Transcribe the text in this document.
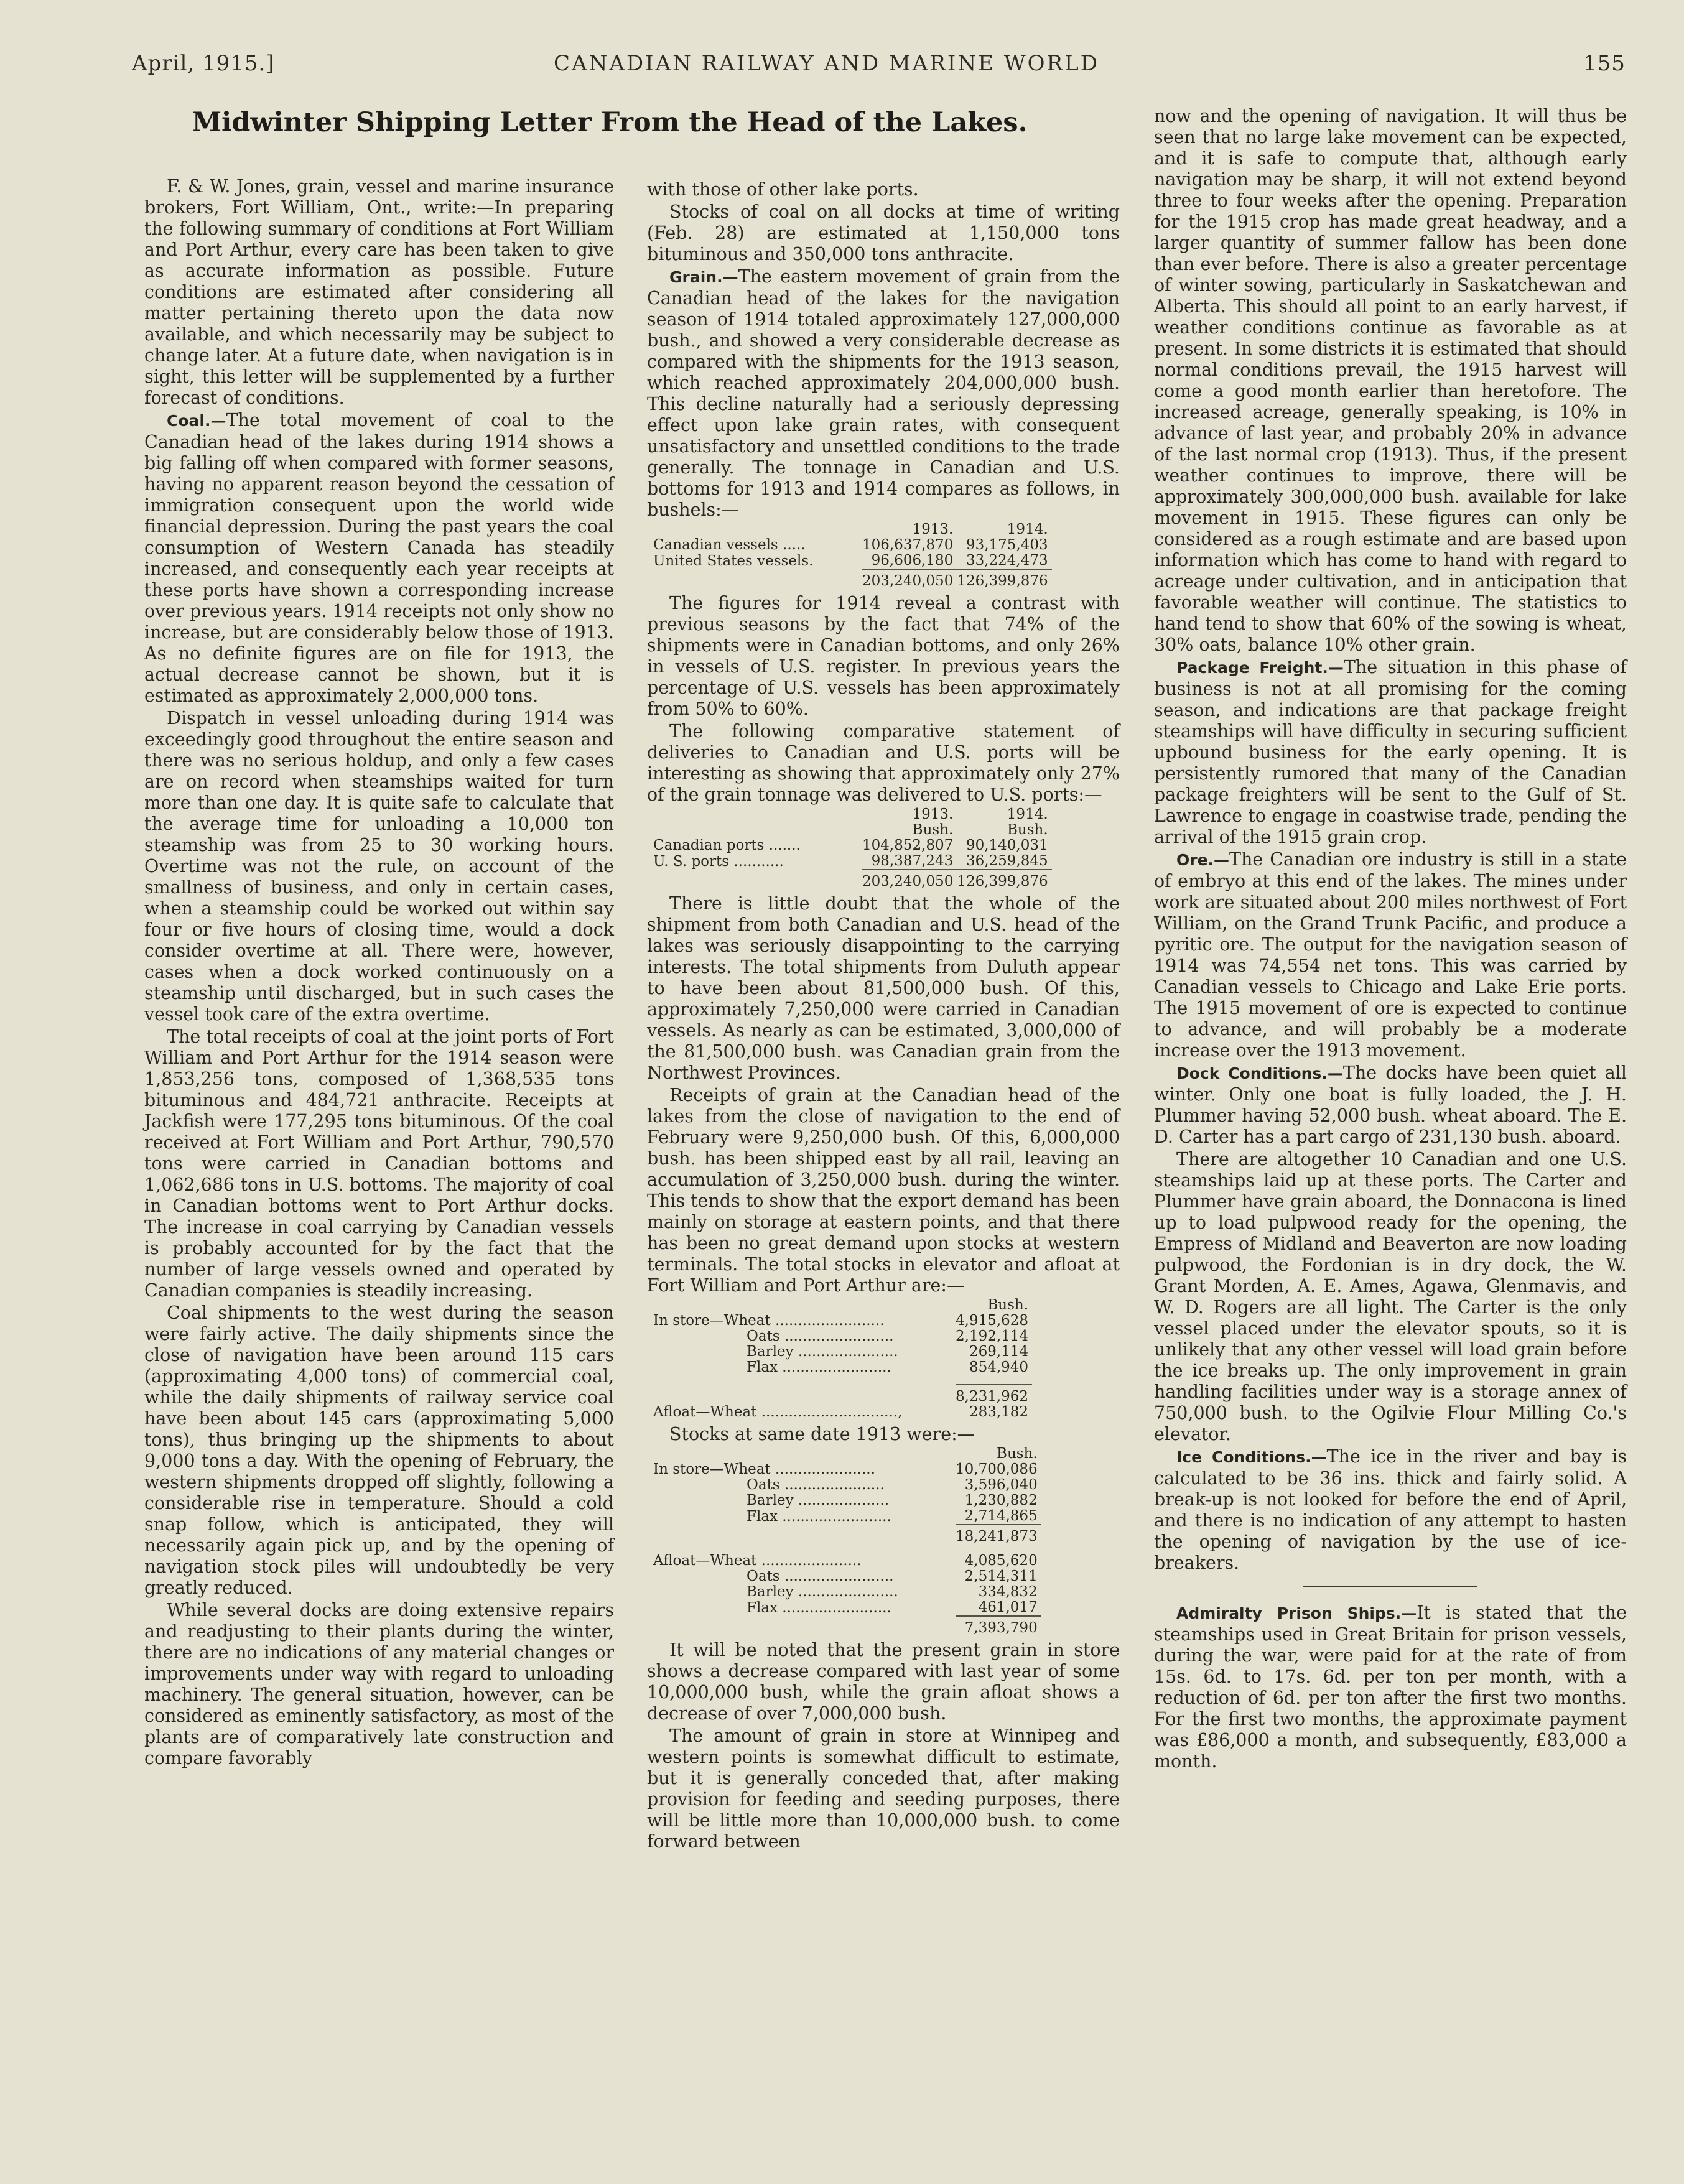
April, 1915.]	CANADIAN RAILWAY AND MARINE WORLD	155
Midwinter Shipping Letter From the Head of the Lakes.

F. & W. Jones, grain, vessel and marine insurance brokers, Fort William, Ont., write:—In preparing the following summary of conditions at Fort William and Port Arthur, every care has been taken to give as accurate information as possible. Future conditions are estimated after considering all matter pertaining thereto upon the data now available, and which necessarily may be subject to change later. At a future date, when navigation is in sight, this letter will be supplemented by a further forecast of conditions.

Coal.—The total movement of coal to the Canadian head of the lakes during 1914 shows a big falling off when compared with former seasons, having no apparent reason beyond the cessation of immigration consequent upon the world wide financial depression. During the past years the coal consumption of Western Canada has steadily increased, and consequently each year receipts at these ports have shown a corresponding increase over previous years. 1914 receipts not only show no increase, but are considerably below those of 1913. As no definite figures are on file for 1913, the actual decrease cannot be shown, but it is estimated as approximately 2,000,000 tons.

Dispatch in vessel unloading during 1914 was exceedingly good throughout the entire season and there was no serious holdup, and only a few cases are on record when steamships waited for turn more than one day. It is quite safe to calculate that the average time for unloading a 10,000 ton steamship was from 25 to 30 working hours. Overtime was not the rule, on account of the smallness of business, and only in certain cases, when a steamship could be worked out within say four or five hours of closing time, would a dock consider overtime at all. There were, however, cases when a dock worked continuously on a steamship until discharged, but in such cases the vessel took care of the extra overtime.

The total receipts of coal at the joint ports of Fort William and Port Arthur for the 1914 season were 1,853,256 tons, composed of 1,368,535 tons bituminous and 484,721 anthracite. Receipts at Jackfish were 177,295 tons bituminous. Of the coal received at Fort William and Port Arthur, 790,570 tons were carried in Canadian bottoms and 1,062,686 tons in U.S. bottoms. The majority of coal in Canadian bottoms went to Port Arthur docks. The increase in coal carrying by Canadian vessels is probably accounted for by the fact that the number of large vessels owned and operated by Canadian companies is steadily increasing.

Coal shipments to the west during the season were fairly active. The daily shipments since the close of navigation have been around 115 cars (approximating 4,000 tons) of commercial coal, while the daily shipments of railway service coal have been about 145 cars (approximating 5,000 tons), thus bringing up the shipments to about 9,000 tons a day. With the opening of February, the western shipments dropped off slightly, following a considerable rise in temperature. Should a cold snap follow, which is anticipated, they will necessarily again pick up, and by the opening of navigation stock piles will undoubtedly be very greatly reduced.

While several docks are doing extensive repairs and readjusting to their plants during the winter, there are no indications of any material changes or improvements under way with regard to unloading machinery. The general situation, however, can be considered as eminently satisfactory, as most of the plants are of comparatively late construction and compare favorably

with those of other lake ports.

Stocks of coal on all docks at time of writing (Feb. 28) are estimated at 1,150,000 tons bituminous and 350,000 tons anthracite.

Grain.—The eastern movement of grain from the Canadian head of the lakes for the navigation season of 1914 totaled approximately 127,000,000 bush., and showed a very considerable decrease as compared with the shipments for the 1913 season, which reached approximately 204,000,000 bush. This decline naturally had a seriously depressing effect upon lake grain rates, with consequent unsatisfactory and unsettled conditions to the trade generally. The tonnage in Canadian and U.S. bottoms for 1913 and 1914 compares as follows, in bushels:—

	1913.	1914.
Canadian vessels .....	106,637,870	93,175,403
United States vessels.	96,606,180	33,224,473
	203,240,050	126,399,876

The figures for 1914 reveal a contrast with previous seasons by the fact that 74% of the shipments were in Canadian bottoms, and only 26% in vessels of U.S. register. In previous years the percentage of U.S. vessels has been approximately from 50% to 60%.

The following comparative statement of deliveries to Canadian and U.S. ports will be interesting as showing that approximately only 27% of the grain tonnage was delivered to U.S. ports:—

	1913.	1914.
	Bush.	Bush.
Canadian ports .......	104,852,807	90,140,031
U. S. ports ...........	98,387,243	36,259,845
	203,240,050	126,399,876

There is little doubt that the whole of the shipment from both Canadian and U.S. head of the lakes was seriously disappointing to the carrying interests. The total shipments from Duluth appear to have been about 81,500,000 bush. Of this, approximately 7,250,000 were carried in Canadian vessels. As nearly as can be estimated, 3,000,000 of the 81,500,000 bush. was Canadian grain from the Northwest Provinces.

Receipts of grain at the Canadian head of the lakes from the close of navigation to the end of February were 9,250,000 bush. Of this, 6,000,000 bush. has been shipped east by all rail, leaving an accumulation of 3,250,000 bush. during the winter. This tends to show that the export demand has been mainly on storage at eastern points, and that there has been no great demand upon stocks at western terminals. The total stocks in elevator and afloat at Fort William and Port Arthur are:—

	Bush.
In store—Wheat ........................	4,915,628
Oats ........................	2,192,114
Barley ......................	269,114
Flax ........................	854,940

	8,231,962
Afloat—Wheat ..............................,	283,182

Stocks at same date 1913 were:—

	Bush.
In store—Wheat ......................	10,700,086
Oats ......................	3,596,040
Barley ....................	1,230,882
Flax ........................	2,714,865
	18,241,873

Afloat—Wheat ......................	4,085,620
Oats ........................	2,514,311
Barley ......................	334,832
Flax ........................	461,017
	7,393,790

It will be noted that the present grain in store shows a decrease compared with last year of some 10,000,000 bush, while the grain afloat shows a decrease of over 7,000,000 bush.

The amount of grain in store at Winnipeg and western points is somewhat difficult to estimate, but it is generally conceded that, after making provision for feeding and seeding purposes, there will be little more than 10,000,000 bush. to come forward between

now and the opening of navigation. It will thus be seen that no large lake movement can be expected, and it is safe to compute that, although early navigation may be sharp, it will not extend beyond three to four weeks after the opening. Preparation for the 1915 crop has made great headway, and a larger quantity of summer fallow has been done than ever before. There is also a greater percentage of winter sowing, particularly in Saskatchewan and Alberta. This should all point to an early harvest, if weather conditions continue as favorable as at present. In some districts it is estimated that should normal conditions prevail, the 1915 harvest will come a good month earlier than heretofore. The increased acreage, generally speaking, is 10% in advance of last year, and probably 20% in advance of the last normal crop (1913). Thus, if the present weather continues to improve, there will be approximately 300,000,000 bush. available for lake movement in 1915. These figures can only be considered as a rough estimate and are based upon information which has come to hand with regard to acreage under cultivation, and in anticipation that favorable weather will continue. The statistics to hand tend to show that 60% of the sowing is wheat, 30% oats, balance 10% other grain.

Package Freight.—The situation in this phase of business is not at all promising for the coming season, and indications are that package freight steamships will have difficulty in securing sufficient upbound business for the early opening. It is persistently rumored that many of the Canadian package freighters will be sent to the Gulf of St. Lawrence to engage in coastwise trade, pending the arrival of the 1915 grain crop.

Ore.—The Canadian ore industry is still in a state of embryo at this end of the lakes. The mines under work are situated about 200 miles northwest of Fort William, on the Grand Trunk Pacific, and produce a pyritic ore. The output for the navigation season of 1914 was 74,554 net tons. This was carried by Canadian vessels to Chicago and Lake Erie ports. The 1915 movement of ore is expected to continue to advance, and will probably be a moderate increase over the 1913 movement.

Dock Conditions.—The docks have been quiet all winter. Only one boat is fully loaded, the J. H. Plummer having 52,000 bush. wheat aboard. The E. D. Carter has a part cargo of 231,130 bush. aboard.

There are altogether 10 Canadian and one U.S. steamships laid up at these ports. The Carter and Plummer have grain aboard, the Donnacona is lined up to load pulpwood ready for the opening, the Empress of Midland and Beaverton are now loading pulpwood, the Fordonian is in dry dock, the W. Grant Morden, A. E. Ames, Agawa, Glenmavis, and W. D. Rogers are all light. The Carter is the only vessel placed under the elevator spouts, so it is unlikely that any other vessel will load grain before the ice breaks up. The only improvement in grain handling facilities under way is a storage annex of 750,000 bush. to the Ogilvie Flour Milling Co.'s elevator.

Ice Conditions.—The ice in the river and bay is calculated to be 36 ins. thick and fairly solid. A break-up is not looked for before the end of April, and there is no indication of any attempt to hasten the opening of navigation by the use of ice-breakers.

Admiralty Prison Ships.—It is stated that the steamships used in Great Britain for prison vessels, during the war, were paid for at the rate of from 15s. 6d. to 17s. 6d. per ton per month, with a reduction of 6d. per ton after the first two months. For the first two months, the approximate payment was £86,000 a month, and subsequently, £83,000 a month.
